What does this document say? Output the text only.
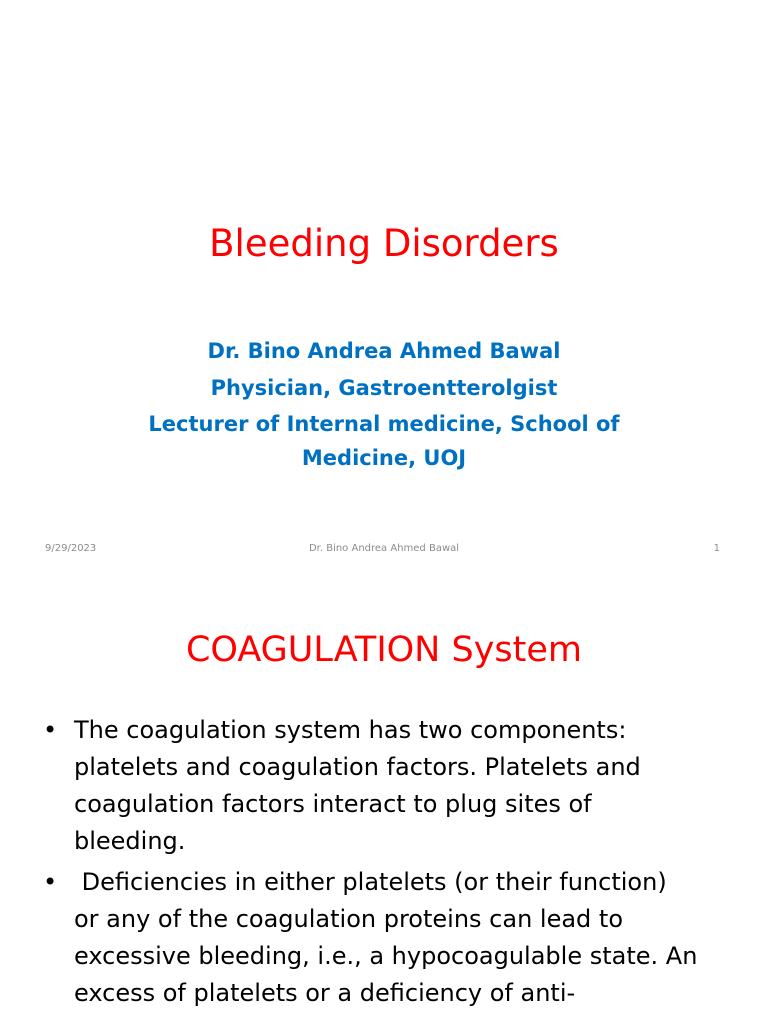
Bleeding Disorders
Dr. Bino Andrea Ahmed Bawal
Physician, Gastroentterolgist
Lecturer of Internal medicine, School of
Medicine, UOJ
Dr. Bino Andrea Ahmed Bawal
9/29/2023	1
COAGULATION System
• The coagulation system has two components:
platelets and coagulation factors. Platelets and
coagulation factors interact to plug sites of
bleeding.
• Deficiencies in either platelets (or their function)
or any of the coagulation proteins can lead to
excessive bleeding, i.e., a hypocoagulable state. An
excess of platelets or a deficiency of anti-
